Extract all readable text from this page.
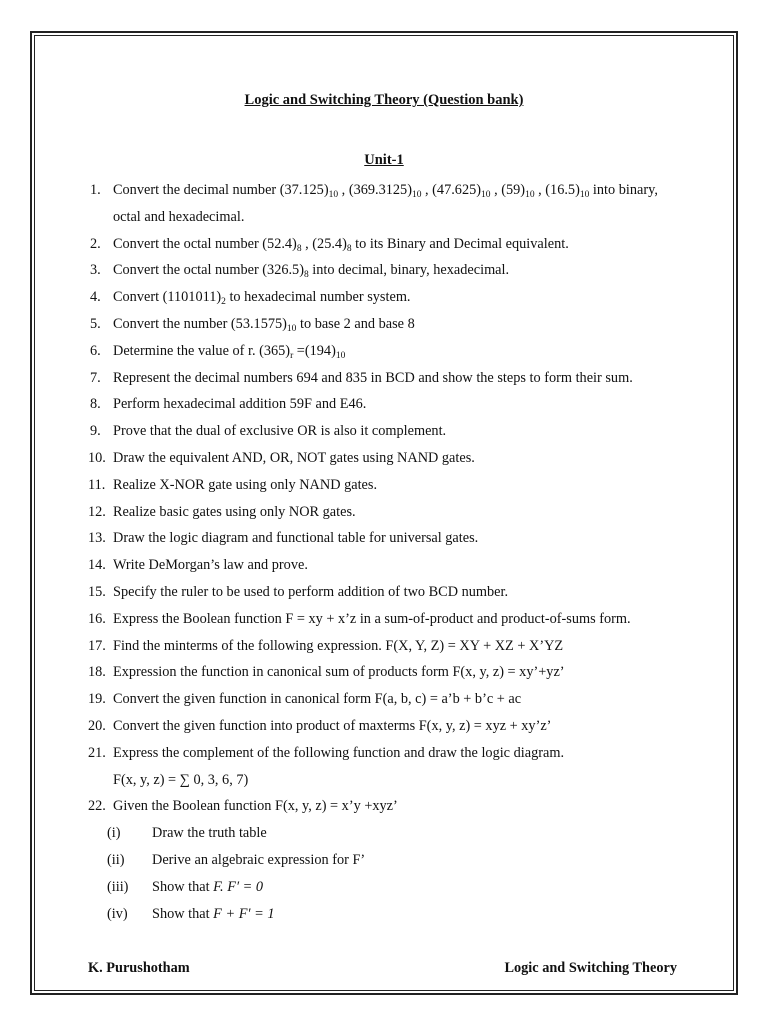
Logic and Switching Theory (Question bank)
Unit-1
1. Convert the decimal number $(37.125)_{10}$ , $(369.3125)_{10}$ , $(47.625)_{10}$ , $(59)_{10}$ , $(16.5)_{10}$ into binary,
octal and hexadecimal.
2. Convert the octal number $(52.4)_8$ , $(25.4)_8$ to its Binary and Decimal equivalent.
3. Convert the octal number $(326.5)_8$ into decimal, binary, hexadecimal.
4. Convert $(1101011)_2$ to hexadecimal number system.
5. Convert the number $(53.1575)_{10}$ to base 2 and base 8
6. Determine the value of r. $(365)_r =(194)_{10}$
7. Represent the decimal numbers 694 and 835 in BCD and show the steps to form their sum.
8. Perform hexadecimal addition 59F and E46.
9. Prove that the dual of exclusive OR is also it complement.
10. Draw the equivalent AND, OR, NOT gates using NAND gates.
11. Realize X-NOR gate using only NAND gates.
12. Realize basic gates using only NOR gates.
13. Draw the logic diagram and functional table for universal gates.
14. Write DeMorgan’s law and prove.
15. Specify the ruler to be used to perform addition of two BCD number.
16. Express the Boolean function F = xy + x’z in a sum-of-product and product-of-sums form.
17. Find the minterms of the following expression. F(X, Y, Z) = XY + XZ + X’YZ
18. Expression the function in canonical sum of products form F(x, y, z) = xy’+yz’
19. Convert the given function in canonical form F(a, b, c) = a’b + b’c + ac
20. Convert the given function into product of maxterms F(x, y, z) = xyz + xy’z’
21. Express the complement of the following function and draw the logic diagram.
F(x, y, z) = ∑ 0, 3, 6, 7)
22. Given the Boolean function F(x, y, z) = x’y +xyz’
(i) Draw the truth table
(ii) Derive an algebraic expression for F’
(iii) Show that F. F′ = 0
(iv) Show that F + F′ = 1
K. Purushotham	Logic and Switching Theory
